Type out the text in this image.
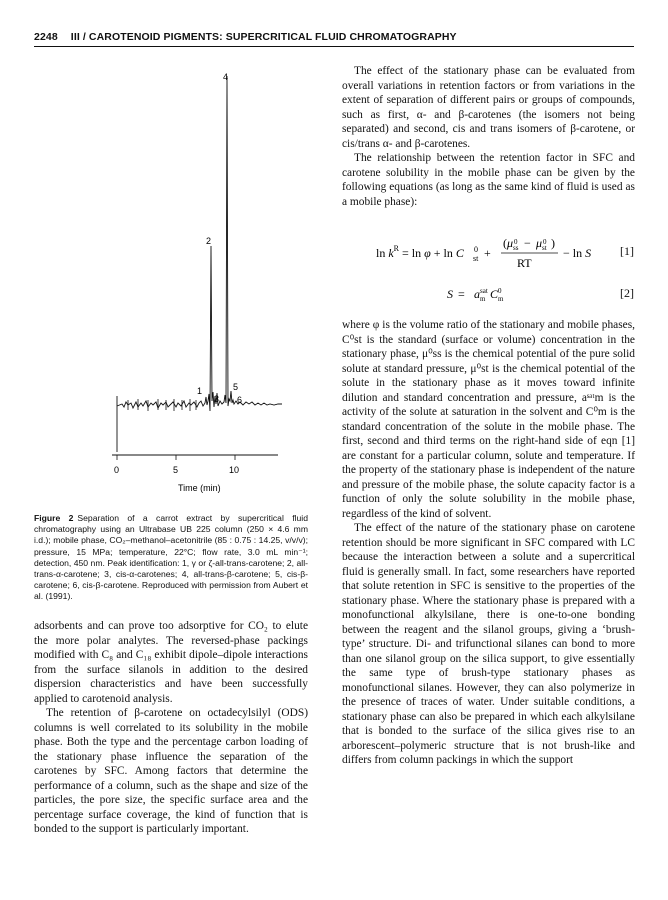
2248 III / CAROTENOID PIGMENTS: SUPERCRITICAL FLUID CHROMATOGRAPHY
4
2
1
3
5
6
0	5	10
Time (min)
Figure 2 Separation of a carrot extract by supercritical fluid chromatography using an Ultrabase UB 225 column (250 × 4.6 mm i.d.); mobile phase, CO₂–methanol–acetonitrile (85 : 0.75 : 14.25, v/v/v); pressure, 15 MPa; temperature, 22°C; flow rate, 3.0 mL min⁻¹; detection, 450 nm. Peak identification: 1, γ or ζ-all-trans-carotene; 2, all-trans-α-carotene; 3, cis-α-carotenes; 4, all-trans-β-carotene; 5, cis-β-carotene; 6, cis-β-carotene. Reproduced with permission from Aubert et al. (1991).

adsorbents and can prove too adsorptive for CO₂ to elute the more polar analytes. The reversed-phase packings modified with C₈ and C₁₈ exhibit dipole–dipole interactions from the surface silanols in addition to the desired dispersion characteristics and have been successfully applied to carotenoid analysis.

The retention of β-carotene on octadecylsilyl (ODS) columns is well correlated to its solubility in the mobile phase. Both the type and the percentage carbon loading of the stationary phase influence the separation of the carotenes by SFC. Among factors that determine the performance of a column, such as the shape and size of the particles, the pore size, the specific surface area and the percentage surface coverage, the kind of function that is bonded to the support is particularly important.

The effect of the stationary phase can be evaluated from overall variations in retention factors or from variations in the extent of separation of different pairs or groups of compounds, such as first, α- and β-carotenes (the isomers not being separated) and second, cis and trans isomers of β-carotene, or cis/trans α- and β-carotenes.

The relationship between the retention factor in SFC and carotene solubility in the mobile phase can be given by the following equations (as long as the same kind of fluid is used as a mobile phase):

$\ln k^R = \ln \varphi + \ln C$ 0
st +
(μ 0
ss − μ 0
st )
RT
− ln S [1]
S = a sat
m C 0
m	[2]

where φ is the volume ratio of the stationary and mobile phases, C⁰st is the standard (surface or volume) concentration in the stationary phase, μ⁰ss is the chemical potential of the pure solid solute at standard pressure, μ⁰st is the chemical potential of the solute in the stationary phase as it moves toward infinite dilution and standard concentration and pressure, aˢᵃᵗm is the activity of the solute at saturation in the solvent and C⁰m is the standard concentration of the solute in the mobile phase. The first, second and third terms on the right-hand side of eqn [1] are constant for a particular column, solute and temperature. If the property of the stationary phase is independent of the nature and pressure of the mobile phase, the solute capacity factor is a function of only the solute solubility in the mobile phase, regardless of the kind of solvent.

The effect of the nature of the stationary phase on carotene retention should be more significant in SFC compared with LC because the interaction between a solute and a supercritical fluid is generally small. In fact, some researchers have reported that solute retention in SFC is sensitive to the properties of the stationary phase. Where the stationary phase is prepared with a monofunctional alkylsilane, there is one-to-one bonding between the reagent and the silanol groups, giving a ‘brush-type’ structure. Di- and trifunctional silanes can bond to more than one silanol group on the silica support, to give essentially the same type of brush-type stationary phases as monofunctional silanes. However, they can also polymerize in the presence of traces of water. Under suitable conditions, a stationary phase can also be prepared in which each alkylsilane that is bonded to the surface of the silica gives rise to an arborescent–polymeric structure that is not brush-like and differs from column packings in which the support
